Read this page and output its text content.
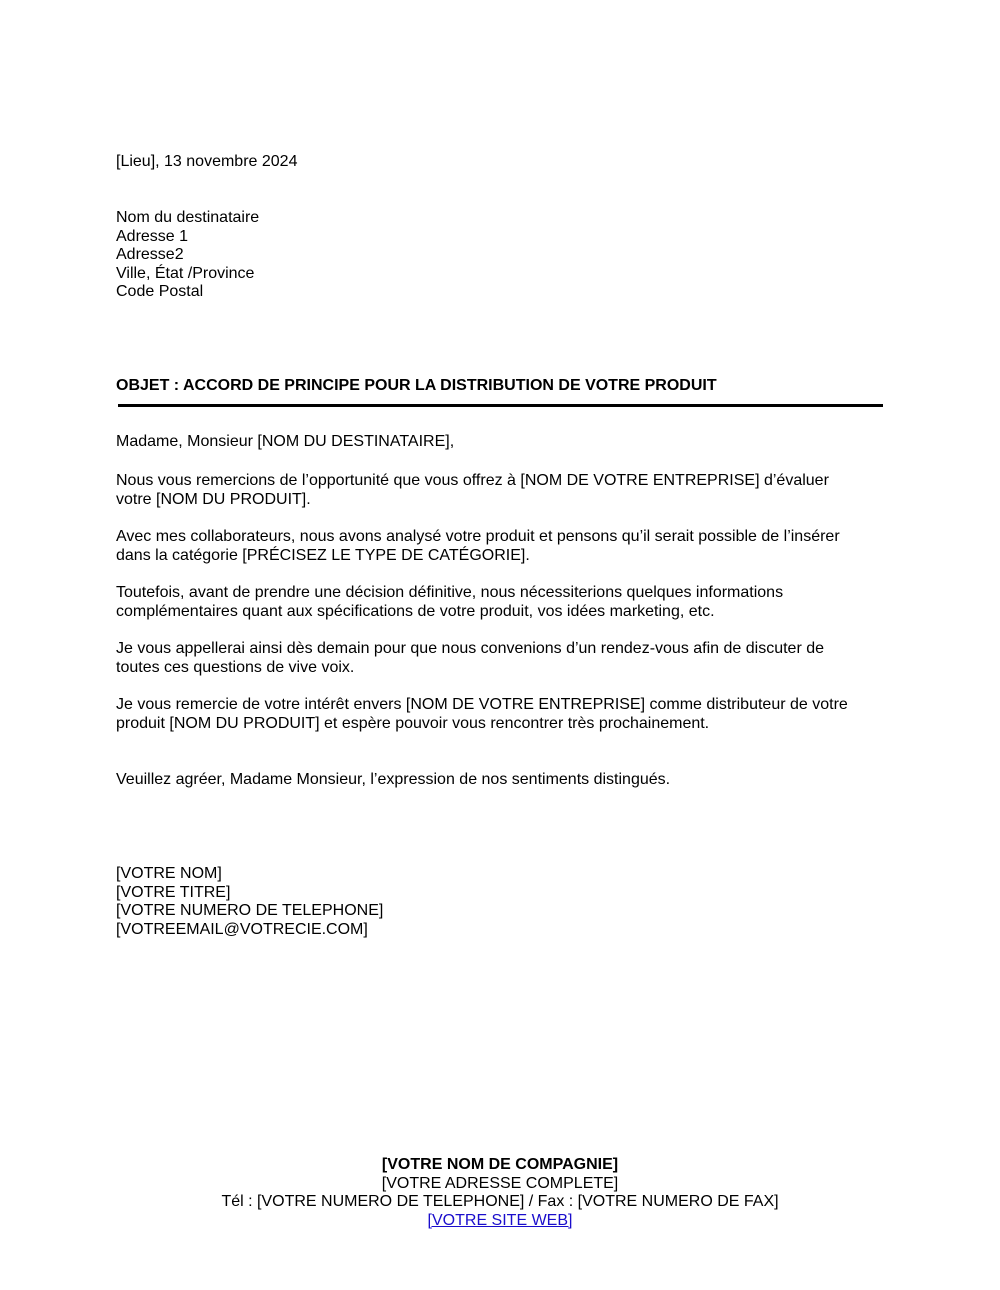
[Lieu], 13 novembre 2024
Nom du destinataire
Adresse 1
Adresse2
Ville, État /Province
Code Postal
OBJET : ACCORD DE PRINCIPE POUR LA DISTRIBUTION DE VOTRE PRODUIT
Madame, Monsieur [NOM DU DESTINATAIRE],
Nous vous remercions de l’opportunité que vous offrez à [NOM DE VOTRE ENTREPRISE] d’évaluer
votre [NOM DU PRODUIT].
Avec mes collaborateurs, nous avons analysé votre produit et pensons qu’il serait possible de l’insérer
dans la catégorie [PRÉCISEZ LE TYPE DE CATÉGORIE].
Toutefois, avant de prendre une décision définitive, nous nécessiterions quelques informations
complémentaires quant aux spécifications de votre produit, vos idées marketing, etc.
Je vous appellerai ainsi dès demain pour que nous convenions d’un rendez-vous afin de discuter de
toutes ces questions de vive voix.
Je vous remercie de votre intérêt envers [NOM DE VOTRE ENTREPRISE] comme distributeur de votre
produit [NOM DU PRODUIT] et espère pouvoir vous rencontrer très prochainement.
Veuillez agréer, Madame Monsieur, l’expression de nos sentiments distingués.
[VOTRE NOM]
[VOTRE TITRE]
[VOTRE NUMERO DE TELEPHONE]
[VOTREEMAIL@VOTRECIE.COM]
[VOTRE NOM DE COMPAGNIE]
[VOTRE ADRESSE COMPLETE]
Tél : [VOTRE NUMERO DE TELEPHONE] / Fax : [VOTRE NUMERO DE FAX]
[VOTRE SITE WEB]
